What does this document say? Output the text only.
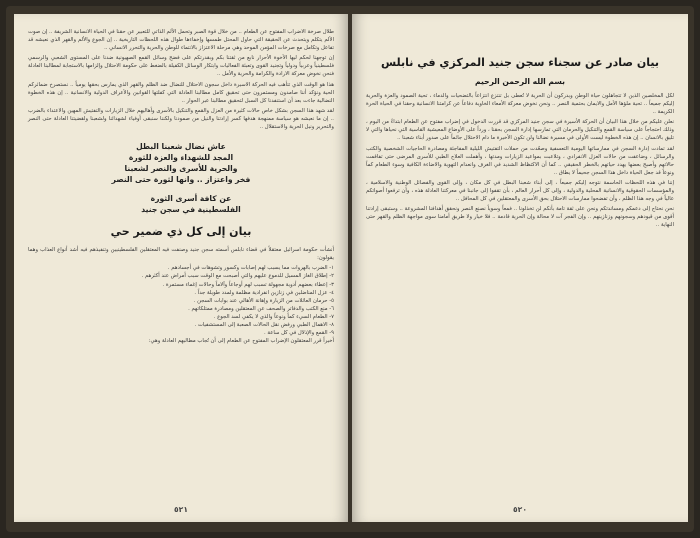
طلال صرخة الاضراب المفتوح عن الطعام .. من خلال قوة الصبر وتحمل الألم الذاتي للتعبير عن حقنا في الحياة الانسانية الشريفة .. إن صوت الألم يتكلم ويتحدث عن الحقيقة التي حاول المحتل طمسها وإخفاءها طوال هذه اللحظات التاريخية .. إن الجوع والألم والقهر الذي نعيشه قد تفاعل وتكامل مع صرخات المؤمن الموحد وهي مرحلة الاعتزاز بالانتماء للوطن والحرية والتحرر الانساني ..

إن توجهنا لحكم ليها الأخوة الأحرار نابع من ثقتنا بكم وبقدرتكم على فضح وسائل القمع الصهيونية ضدنا على المستوى الشعبي والرسمي فلسطينياً وعربياً ودولياً وتجنيد القوى وتعبئة الفعاليات وابتكار الوسائل الكفيلة بالضغط على حكومة الاحتلال وإلزامها بالاستجابة لمطالبنا العادلة فنحن نخوض معركة الارادة والكرامة والحرية والأمل ..

هذا هو الوقت الذي تتأهب فيه الحركة الاسيرة داخل سجون الاحتلال للنضال ضد الظلم والقهر الذي يمارس بحقها يومياً .. نستصرخ ضمائركم الحية ونؤكد أننا صامدون ومستمرون حتى تحقيق كامل مطالبنا العادلة التي كفلتها القوانين والأعراف الدولية والانسانية .. إن هذه الخطوة النضالية جاءت بعد أن استنفدنا كل السبل لتحقيق مطالبنا عبر الحوار ..

لقد شهد هذا السجن بشكل خاص حالات كثيرة من العزل والقمع والتنكيل بالأسرى وأهاليهم خلال الزيارات والتفتيش المهين والاعتداء بالضرب .. إن ما نعيشه هو سياسة ممنهجة هدفها كسر إرادتنا والنيل من صمودنا ولكننا سنبقى أوفياء لشهدائنا ولشعبنا ولقضيتنا العادلة حتى النصر والتحرير ونيل الحرية والاستقلال ..

عاش نضال شعبنا البطل
المجد للشهداء والعزة للثورة
والحرية للأسرى والنصر لشعبنا
فخر واعتزاز .. وانها لثورة حتى النصر
عن كافة أسرى الثورة
الفلسطينية في سجن جنيد
بيان إلى كل ذي ضمير حي

أنشأت حكومة اسرائيل معتقلاً في قضاء نابلس أسمته سجن جنيد وصنفت فيه المعتقلين الفلسطينيين وتنفيذهم فيه أشد أنواع العذاب وهما يقولون:

١- الضرب بالهروات مما يسبب لهم إصابات وكسور وتشوهات في أجسادهم .
٢- إطلاق الغاز المسيل للدموع عليهم والتي أصبحت مع الوقت سبب أمراض عند أكثرهم .
٣- إعطاء بعضهم أدوية مجهولة تسبب لهم أوجاعاً وآلاماً وحالات إغماء مستمرة .
٤- عزل المناضلين في زنازين انفرادية مظلمة ولمدد طويلة جداً .
٥- حرمان العائلات من الزيارة وإهانة الأهالي عند بوابات السجن .
٦- منع الكتب والدفاتر والصحف عن المعتقلين ومصادرة ممتلكاتهم .
٧- الطعام السيء كماً ونوعاً والذي لا يكفي لسد الجوع .
٨- الاهمال الطبي ورفض نقل الحالات الصعبة إلى المستشفيات .
٩- القمع والإذلال في كل ساعة .
أخيراً قرر المعتقلون الإضراب المفتوح عن الطعام إلى أن تُجاب مطالبهم العادلة وهي:
٥٢١
بيان صادر عن سجناء سجن جنيد المركزي في نابلس
بسم الله الرحمن الرحيم

لكل المخلصين الذين لا تتجاهلون حياة الوطن ويدركون أن الحرية لا تُعطى بل تنتزع انتزاعاً بالتضحيات والدماء ، تحية الصمود والعزة والحرية إليكم جميعاً .. تحية ملؤها الأمل والايمان بحتمية النصر .. ونحن نخوض معركة الأمعاء الخاوية دفاعاً عن كرامتنا الانسانية وحقنا في الحياة الحرة الكريمة ..

نعلن عليكم من خلال هذا البيان أن الحركة الأسيرة في سجن جنيد المركزي قد قررت الدخول في إضراب مفتوح عن الطعام ابتداءً من اليوم ، وذلك احتجاجاً على سياسة القمع والتنكيل والحرمان التي تمارسها إدارة السجن بحقنا ، ورداً على الأوضاع المعيشية القاسية التي نحياها والتي لا تليق بالانسان .. إن هذه الخطوة ليست الأولى في مسيرة نضالنا ولن تكون الأخيرة ما دام الاحتلال جاثماً على صدور أبناء شعبنا ..

لقد تمادت إدارة السجن في ممارساتها اليومية التعسفية وصعّدت من حملات التفتيش الليلية المفاجئة ومصادرة الحاجيات الشخصية والكتب والرسائل ، وضاعفت من حالات العزل الانفرادي ، وتلاعبت بمواعيد الزيارات ومدتها ، وأهملت العلاج الطبي للأسرى المرضى حتى تفاقمت حالاتهم وأصبح بعضها يهدد حياتهم بالخطر الحقيقي .. كما أن الاكتظاظ الشديد في الغرف وانعدام التهوية والاضاءة الكافية وسوء الطعام كماً ونوعاً قد جعل الحياة داخل هذا السجن جحيماً لا يطاق ..

إننا في هذه اللحظات الحاسمة نتوجه إليكم جميعاً ، إلى أبناء شعبنا البطل في كل مكان ، وإلى القوى والفصائل الوطنية والاسلامية ، والمؤسسات الحقوقية والانسانية المحلية والدولية ، وإلى كل أحرار العالم ، بأن تقفوا إلى جانبنا في معركتنا العادلة هذه ، وأن ترفعوا أصواتكم عالياً في وجه هذا الظلم ، وأن تفضحوا ممارسات الاحتلال بحق الأسرى والمعتقلين في كل المحافل ..

نحن نحتاج إلى دعمكم ومساندتكم ونحن على ثقة تامة بأنكم لن تخذلونا .. فمعاً وسوياً نصنع النصر ونحقق أهدافنا المشروعة .. وستبقى إرادتنا أقوى من قيودهم وسجونهم وزنازينهم .. وإن الفجر آت لا محالة وإن الحرية قادمة .. فلا خيار ولا طريق أمامنا سوى مواجهة الظلم والقهر حتى النهاية ..

٥٢٠
